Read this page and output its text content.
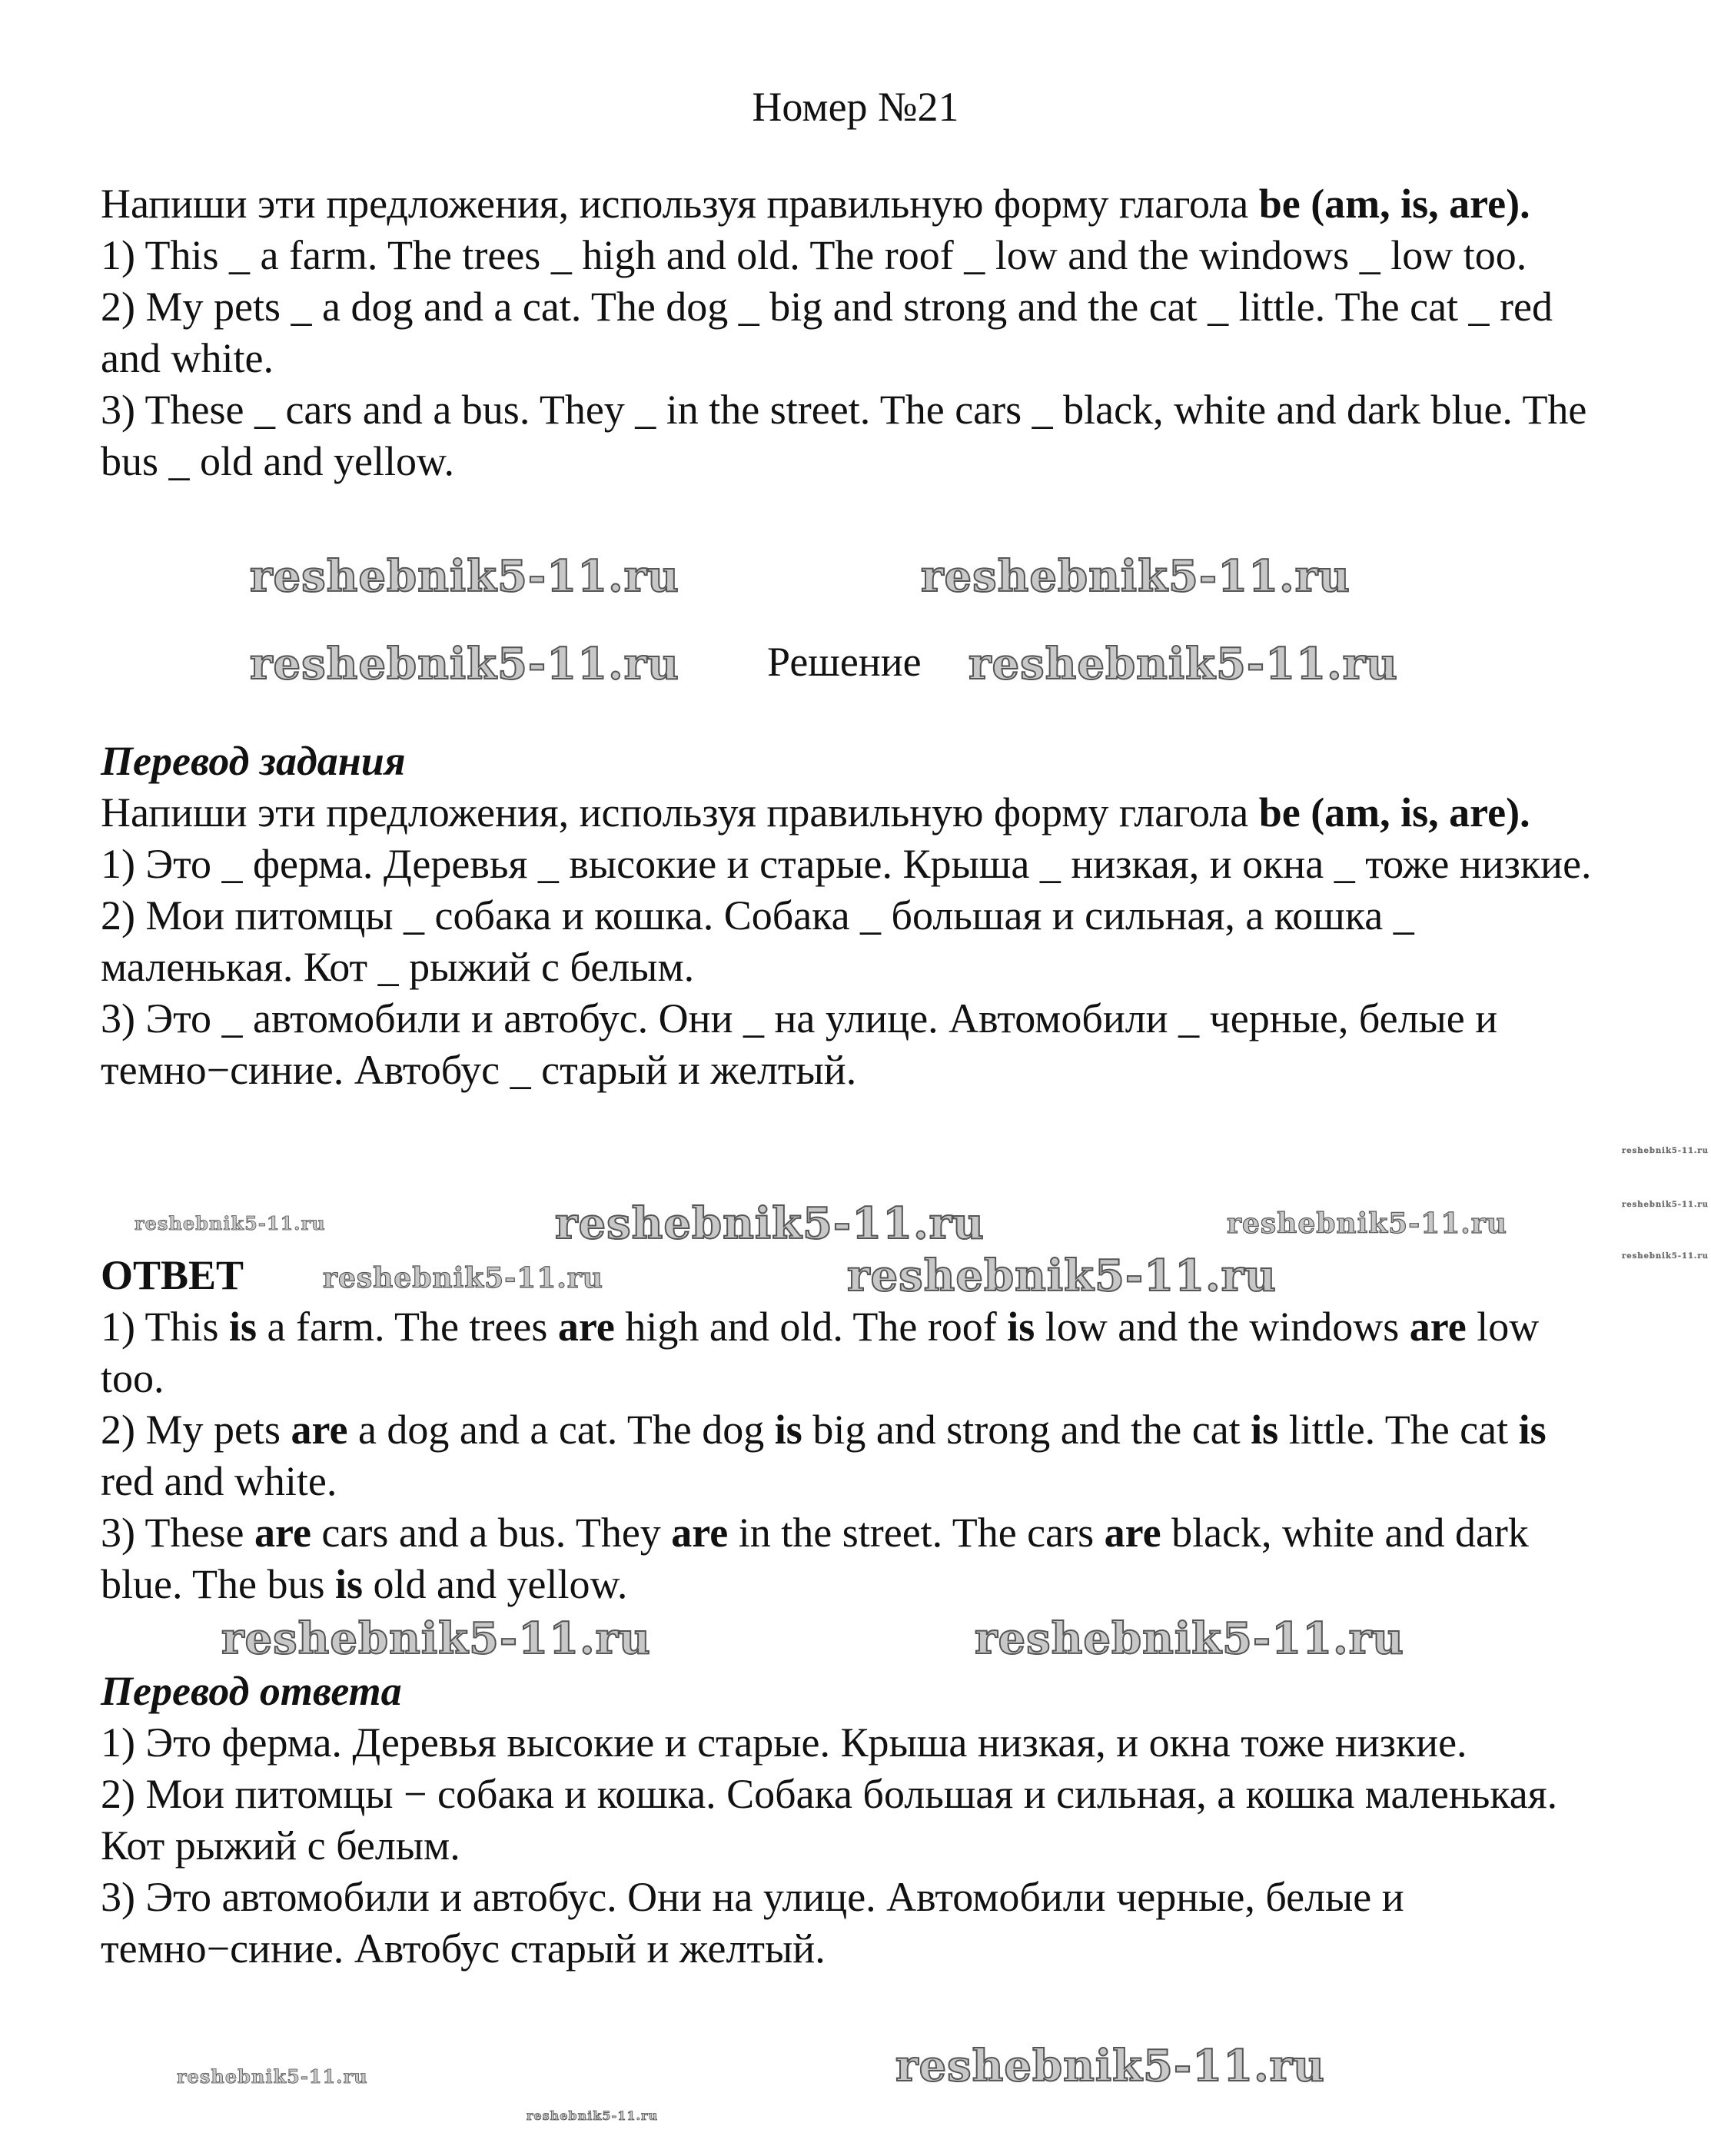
Номер №21

Напиши эти предложения, используя правильную форму глагола be (am, is, are).

1) This _ a farm. The trees _ high and old. The roof _ low and the windows _ low too.

2) My pets _ a dog and a cat. The dog _ big and strong and the cat _ little. The cat _ red and white.

3) These _ cars and a bus. They _ in the street. The cars _ black, white and dark blue. The bus _ old and yellow.

Решение

Перевод задания

Напиши эти предложения, используя правильную форму глагола be (am, is, are).

1) Это _ ферма. Деревья _ высокие и старые. Крыша _ низкая, и окна _ тоже низкие.

2) Мои питомцы _ собака и кошка. Собака _ большая и сильная, а кошка _ маленькая. Кот _ рыжий с белым.

3) Это _ автомобили и автобус. Они _ на улице. Автомобили _ черные, белые и темно−синие. Автобус _ старый и желтый.

ОТВЕТ

1) This is a farm. The trees are high and old. The roof is low and the windows are low too.

2) My pets are a dog and a cat. The dog is big and strong and the cat is little. The cat is red and white.

3) These are cars and a bus. They are in the street. The cars are black, white and dark blue. The bus is old and yellow.

Перевод ответа

1) Это ферма. Деревья высокие и старые. Крыша низкая, и окна тоже низкие.

2) Мои питомцы − собака и кошка. Собака большая и сильная, а кошка маленькая. Кот рыжий с белым.

3) Это автомобили и автобус. Они на улице. Автомобили черные, белые и темно−синие. Автобус старый и желтый.

reshebnik5-11.ru	reshebnik5-11.ru
reshebnik5-11.ru	reshebnik5-11.ru
reshebnik5-11.ru	reshebnik5-11.ru
reshebnik5-11.ru
reshebnik5-11.ru
reshebnik5-11.ru
reshebnik5-11.ru
reshebnik5-11.ru	reshebnik5-11.ru
reshebnik5-11.ru
reshebnik5-11.ru
reshebnik5-11.ru
reshebnik5-11.ru
reshebnik5-11.ru
